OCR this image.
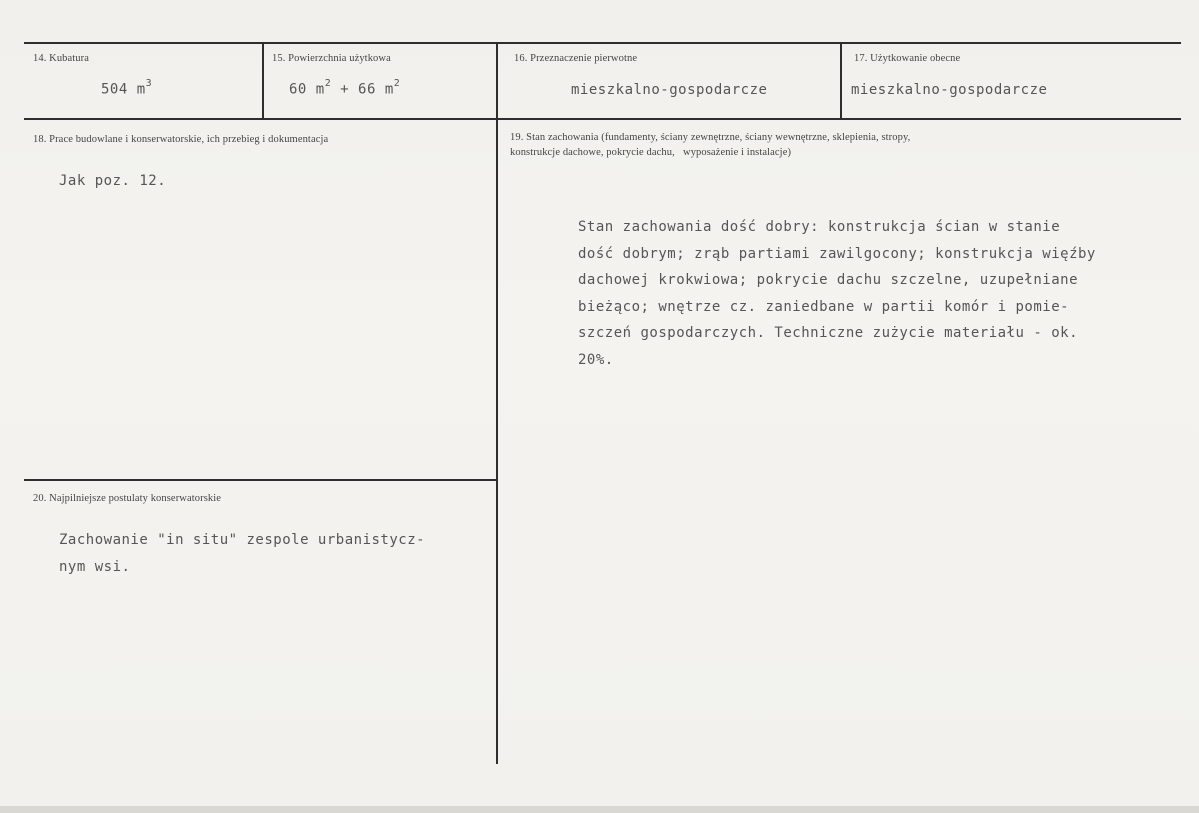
14. Kubatura
504 $m^3$
15. Powierzchnia użytkowa
60 $m^2 + 66$ $m^2$
16. Przeznaczenie pierwotne
mieszkalno-gospodarcze
17. Użytkowanie obecne
mieszkalno-gospodarcze
18. Prace budowlane i konserwatorskie, ich przebieg i dokumentacja
Jak poz. 12.
19. Stan zachowania (fundamenty, ściany zewnętrzne, ściany wewnętrzne, sklepienia, stropy,
konstrukcje dachowe, pokrycie dachu,   wyposażenie i instalacje)
Stan zachowania dość dobry: konstrukcja ścian w stanie
dość dobrym; zrąb partiami zawilgocony; konstrukcja więźby
dachowej krokwiowa; pokrycie dachu szczelne, uzupełniane
bieżąco; wnętrze cz. zaniedbane w partii komór i pomie-
szczeń gospodarczych. Techniczne zużycie materiału - ok.
20%.
20. Najpilniejsze postulaty konserwatorskie
Zachowanie "in situ" zespole urbanistycz-
nym wsi.
